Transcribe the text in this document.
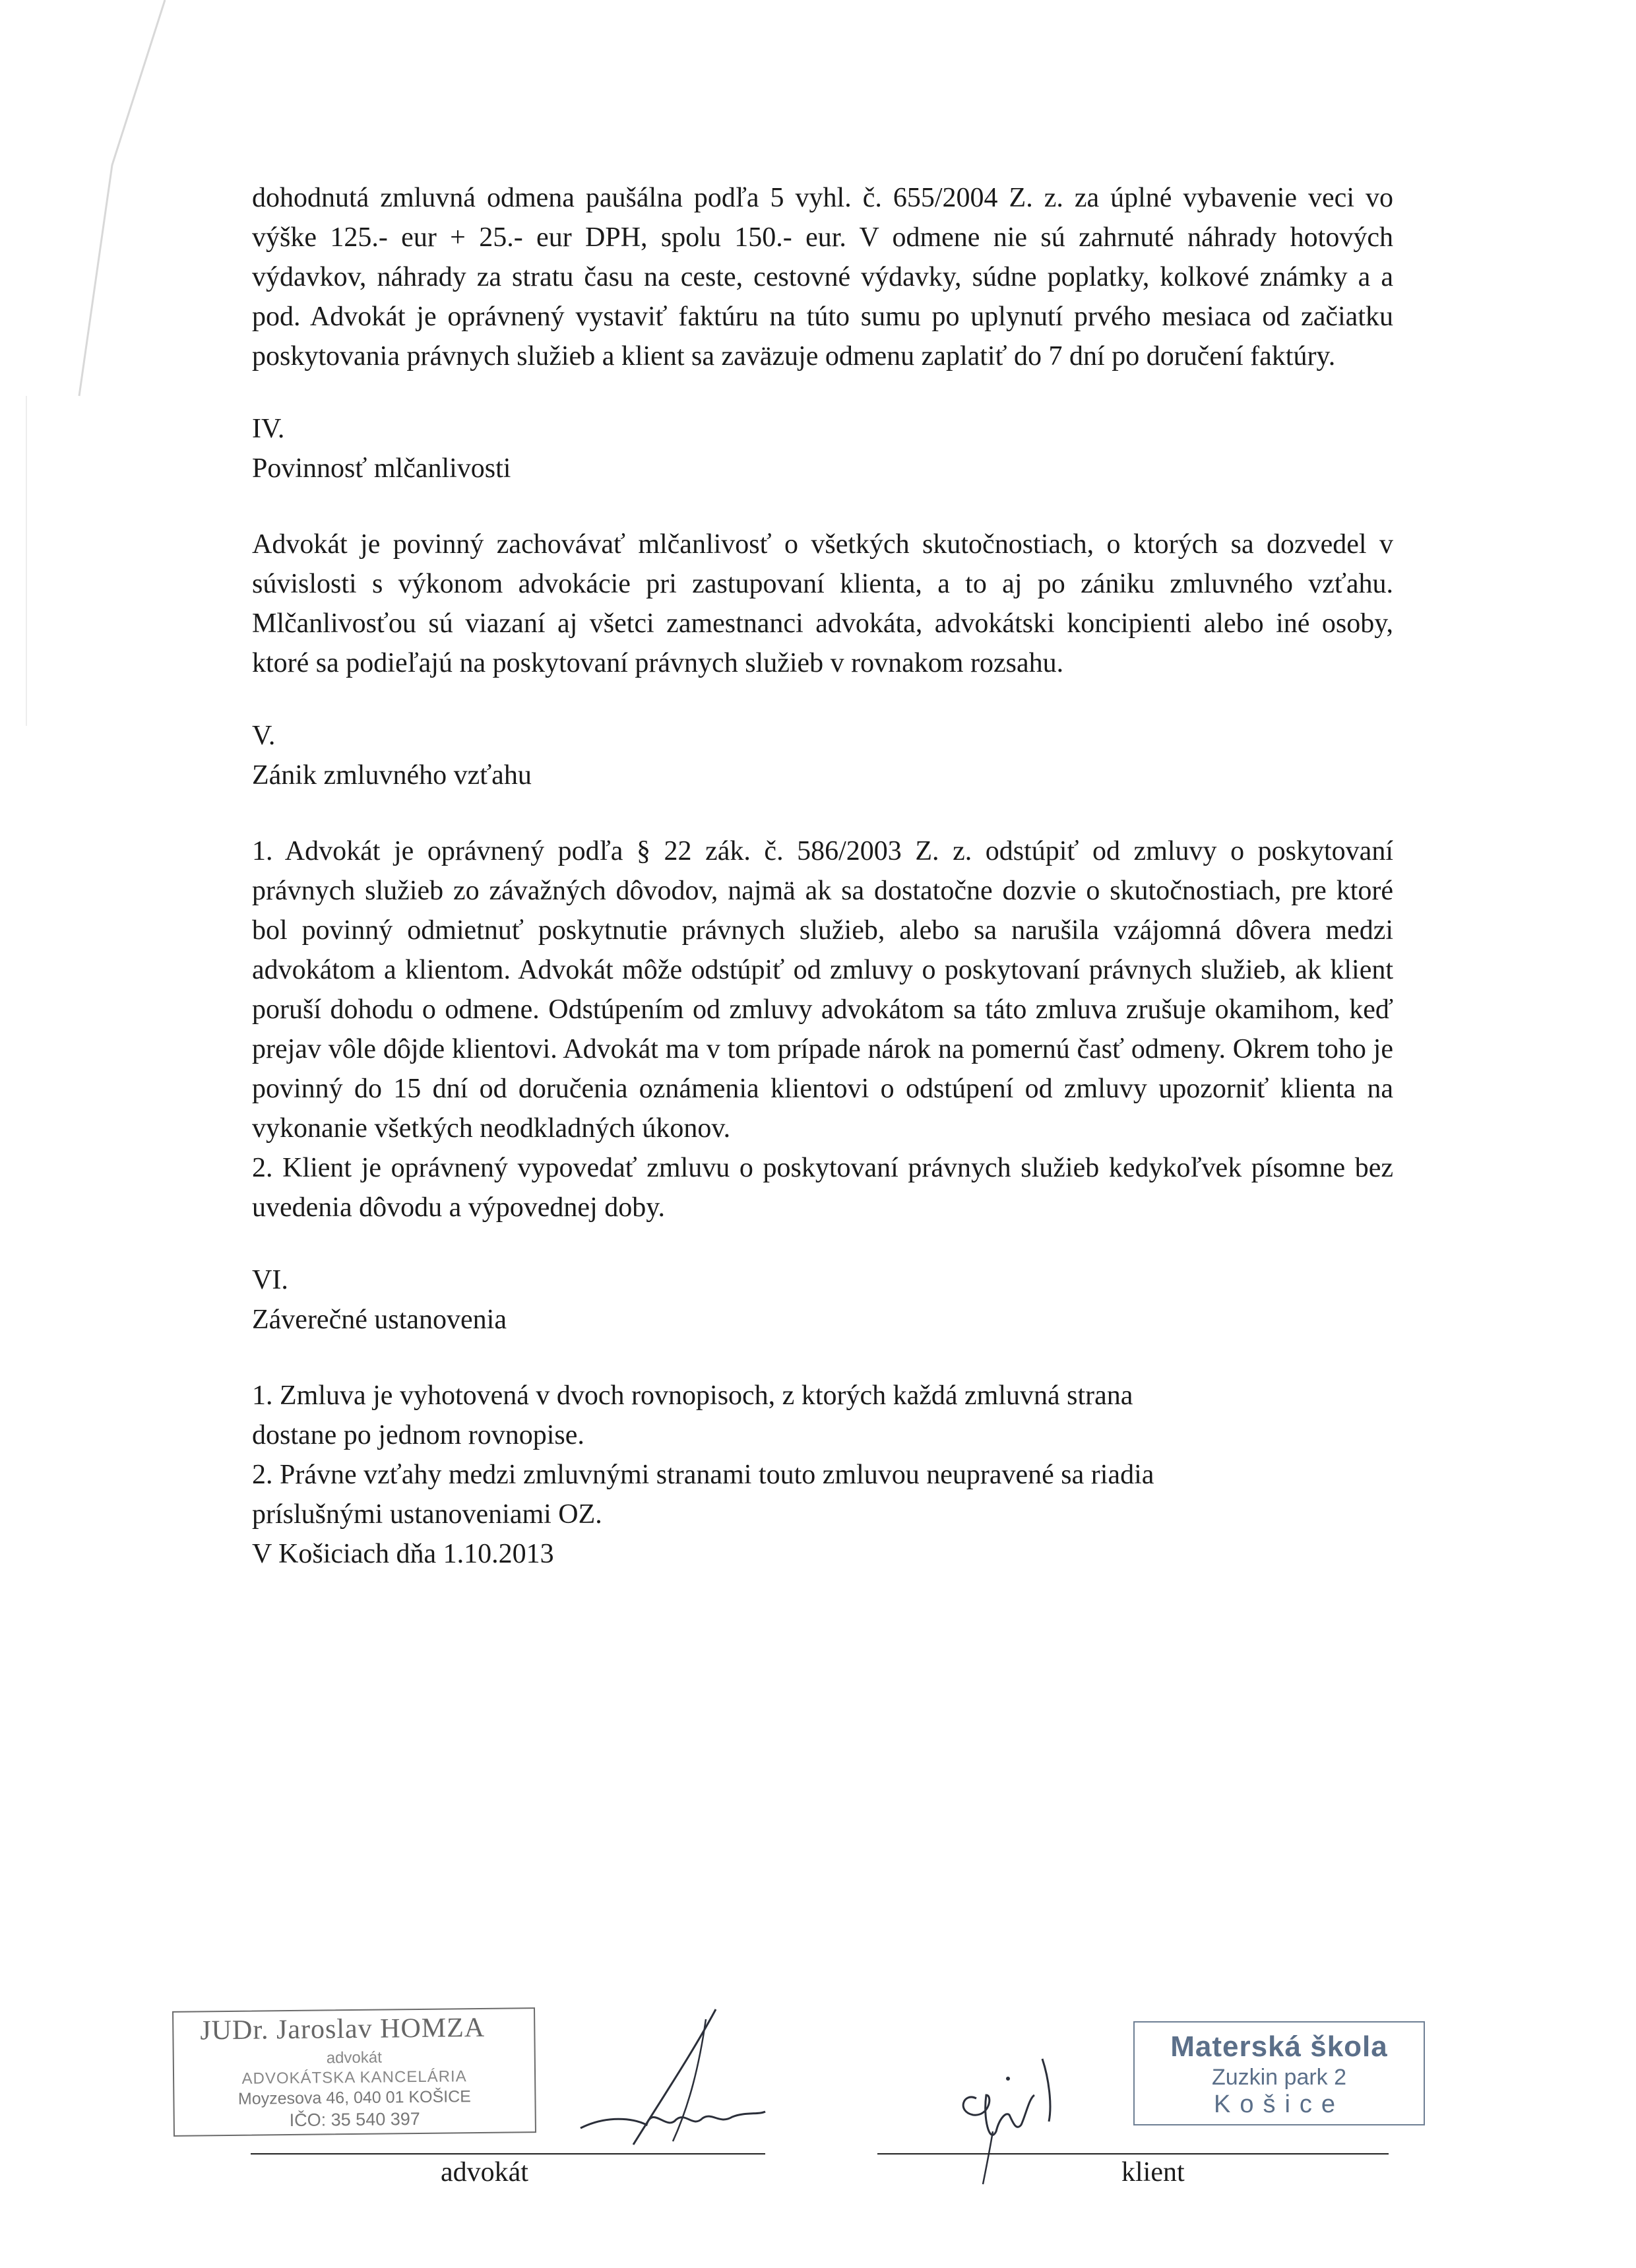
dohodnutá zmluvná odmena paušálna podľa 5 vyhl. č. 655/2004 Z. z. za úplné vybavenie veci vo výške 125.- eur + 25.- eur DPH, spolu 150.- eur. V odmene nie sú zahrnuté náhrady hotových výdavkov, náhrady za stratu času na ceste, cestovné výdavky, súdne poplatky, kolkové známky a a pod. Advokát je oprávnený vystaviť faktúru na túto sumu po uplynutí prvého mesiaca od začiatku poskytovania právnych služieb a klient sa zaväzuje odmenu zaplatiť do 7 dní po doručení faktúry.

IV.

Povinnosť mlčanlivosti

Advokát je povinný zachovávať mlčanlivosť o všetkých skutočnostiach, o ktorých sa dozvedel v súvislosti s výkonom advokácie pri zastupovaní klienta, a to aj po zániku zmluvného vzťahu. Mlčanlivosťou sú viazaní aj všetci zamestnanci advokáta, advokátski koncipienti alebo iné osoby, ktoré sa podieľajú na poskytovaní právnych služieb v rovnakom rozsahu.

V.

Zánik zmluvného vzťahu

1. Advokát je oprávnený podľa § 22 zák. č. 586/2003 Z. z. odstúpiť od zmluvy o poskytovaní právnych služieb zo závažných dôvodov, najmä ak sa dostatočne dozvie o skutočnostiach, pre ktoré bol povinný odmietnuť poskytnutie právnych služieb, alebo sa narušila vzájomná dôvera medzi advokátom a klientom. Advokát môže odstúpiť od zmluvy o poskytovaní právnych služieb, ak klient poruší dohodu o odmene. Odstúpením od zmluvy advokátom sa táto zmluva zrušuje okamihom, keď prejav vôle dôjde klientovi. Advokát ma v tom prípade nárok na pomernú časť odmeny. Okrem toho je povinný do 15 dní od doručenia oznámenia klientovi o odstúpení od zmluvy upozorniť klienta na vykonanie všetkých neodkladných úkonov.

2. Klient je oprávnený vypovedať zmluvu o poskytovaní právnych služieb kedykoľvek písomne bez uvedenia dôvodu a výpovednej doby.

VI.

Záverečné ustanovenia

1. Zmluva je vyhotovená v dvoch rovnopisoch, z ktorých každá zmluvná strana

dostane po jednom rovnopise.

2. Právne vzťahy medzi zmluvnými stranami touto zmluvou neupravené sa riadia

príslušnými ustanoveniami OZ.

V Košiciach dňa 1.10.2013

JUDr. Jaroslav HOMZA
advokát
ADVOKÁTSKA KANCELÁRIA
Moyzesova 46, 040 01 KOŠICE
IČO: 35 540 397
Materská škola
Zuzkin park 2
Košice
advokát	klient
